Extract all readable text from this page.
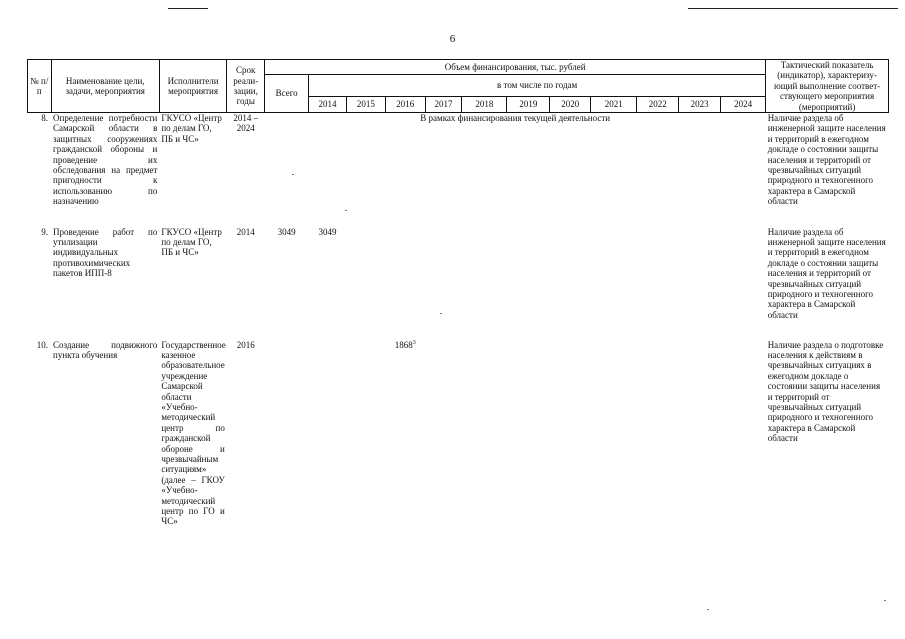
6
№ п/п	Наименование цели, задачи, мероприятия	Исполнители мероприятия	Срок реали-зации, годы	Объем финансирования, тыс. рублей												Тактический показатель (индикатор), характеризу-ющий выполнение соответ-ствующего мероприятия (мероприятий)
				Всего	в том числе по годам											
					2014	2015	2016	2017	2018	2019	2020	2021	2022	2023	2024	
8.	Определение потребности Самарской области в защитных сооружениях гражданской обороны и проведение их обследования на предмет пригодности к использованию по назначению	ГКУСО «Центр по делам ГО, ПБ и ЧС»	2014 – 2024	В рамках финансирования текущей деятельности												Наличие раздела об инженерной защите населения и территорий в ежегодном докладе о состоянии защиты населения и территорий от чрезвычайных ситуаций природного и техногенного характера в Самарской области
9.	Проведение работ по утилизации индивидуальных противохимических пакетов ИПП-8	ГКУСО «Центр по делам ГО, ПБ и ЧС»	2014	3049	3049											Наличие раздела об инженерной защите населения и территорий в ежегодном докладе о состоянии защиты населения и территорий от чрезвычайных ситуаций природного и техногенного характера в Самарской области
10.	Создание подвижного пункта обучения	Государственное казенное образовательное учреждение Самарской области «Учебно-методический центр по гражданской обороне и чрезвычайным ситуациям» (далее – ГКОУ «Учебно-методический центр по ГО и ЧС»	2016				1868$^3$									Наличие раздела о подготовке населения к действиям в чрезвычайных ситуациях в ежегодном докладе о состоянии защиты населения и территорий от чрезвычайных ситуаций природного и техногенного характера в Самарской области
